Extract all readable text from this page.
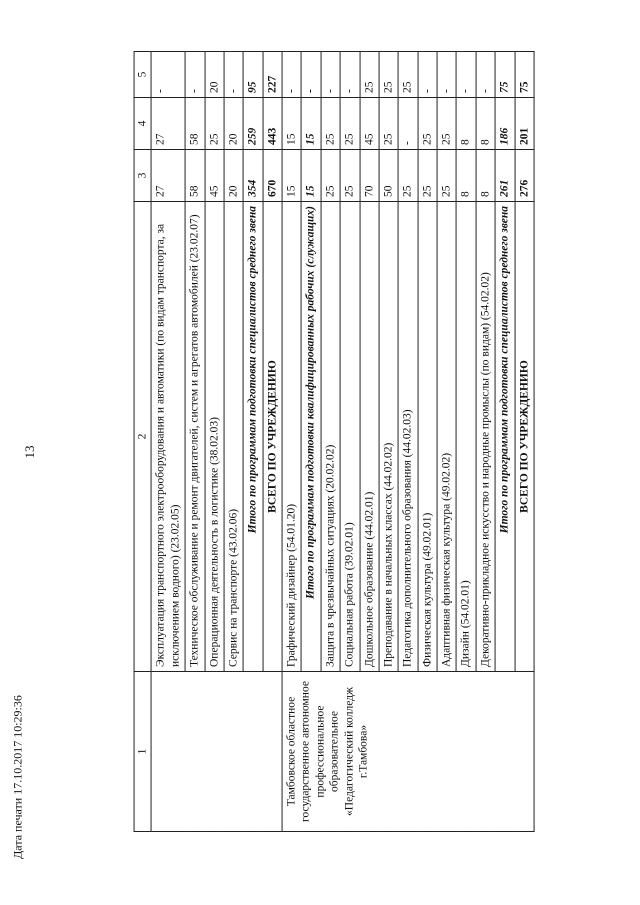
13
Дата печати 17.10.2017 10:29:36	1	2	3	4	5
	Эксплуатация транспортного электрооборудования и автоматики (по видам транспорта, за исключением водного) (23.02.05)	27	27	-
	Техническое обслуживание и ремонт двигателей, систем и агрегатов автомобилей (23.02.07)	58	58	-
	Операционная деятельность в логистике (38.02.03)	45	25	20
	Сервис на транспорте (43.02.06)	20	20	-
	Итого по программам подготовки специалистов среднего звена	354	259	95
	ВСЕГО ПО УЧРЕЖДЕНИЮ	670	443	227
Тамбовское областное государственное автономное профессиональное образовательное «Педагогический колледж г.Тамбова»	Графический дизайнер (54.01.20)	15	15	-
	Итого по программам подготовки квалифицированных рабочих (служащих)	15	15	-
	Защита в чрезвычайных ситуациях (20.02.02)	25	25	-
	Социальная работа (39.02.01)	25	25	-
	Дошкольное образование (44.02.01)	70	45	25
	Преподавание в начальных классах (44.02.02)	50	25	25
	Педагогика дополнительного образования (44.02.03)	25	-	25
	Физическая культура (49.02.01)	25	25	-
	Адаптивная физическая культура (49.02.02)	25	25	-
	Дизайн (54.02.01)	8	8	-
	Декоративно-прикладное искусство и народные промыслы (по видам) (54.02.02)	8	8	-
	Итого по программам подготовки специалистов среднего звена	261	186	75
	ВСЕГО ПО УЧРЕЖДЕНИЮ	276	201	75
